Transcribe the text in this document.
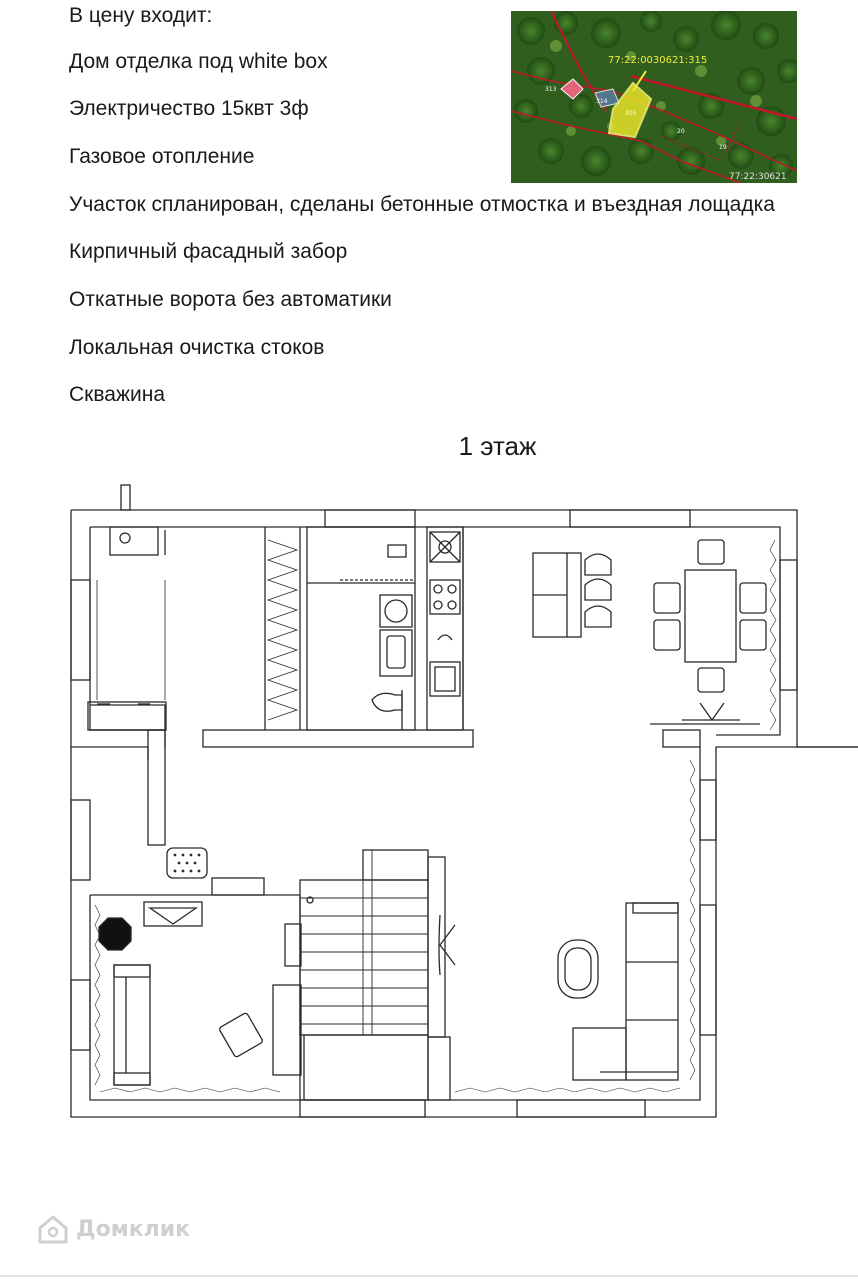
В цену входит:
Дом отделка под white box
Электричество 15квт 3ф
Газовое отопление
Участок спланирован, сделаны бетонные отмостка и въездная лощадка
Кирпичный фасадный забор
Откатные ворота без автоматики
Локальная очистка стоков
Скважина
77:22:0030621:315
313
314
315
20
19
77:22:30621
1 этаж
Домклик
